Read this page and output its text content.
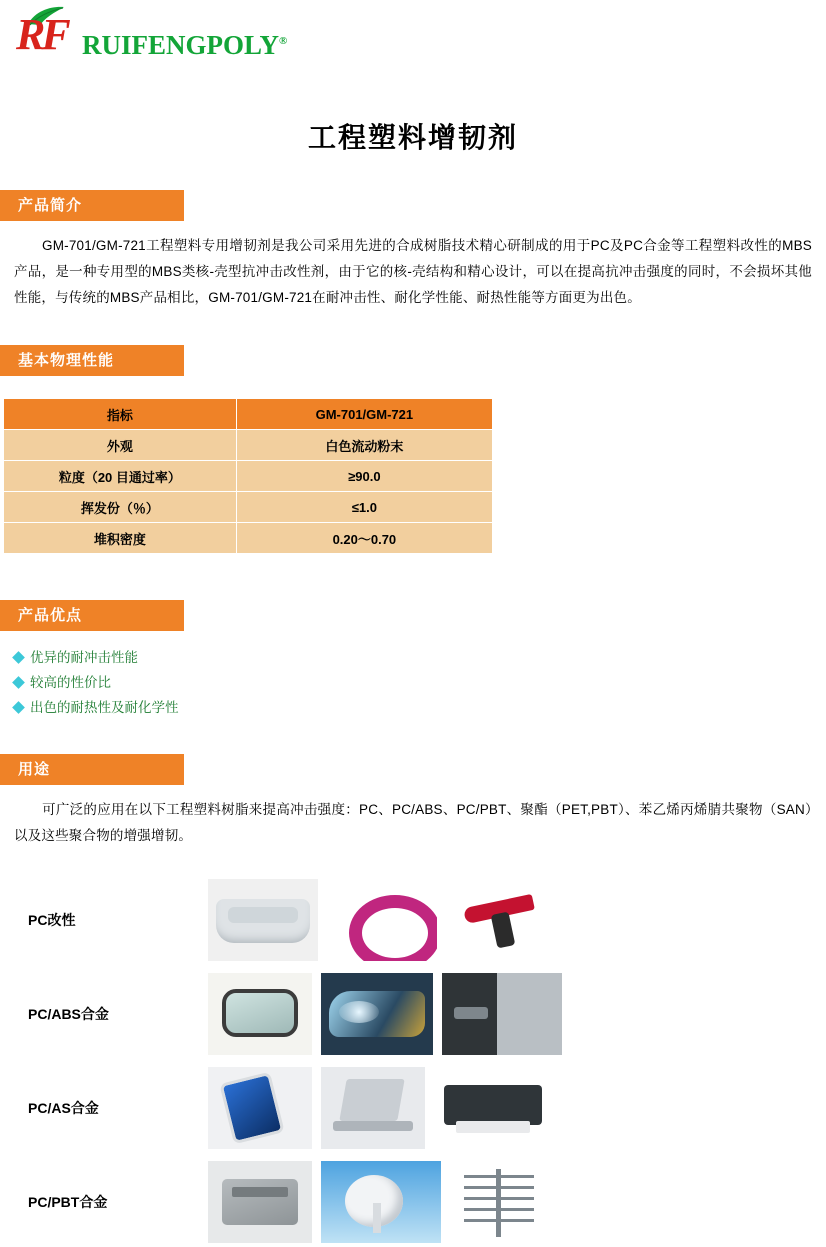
RF RUIFENGPOLY®
工程塑料增韧剂
产品简介

GM-701/GM-721工程塑料专用增韧剂是我公司采用先进的合成树脂技术精心研制成的用于PC及PC合金等工程塑料改性的MBS产品，是一种专用型的MBS类核-壳型抗冲击改性剂，由于它的核-壳结构和精心设计，可以在提高抗冲击强度的同时，不会损坏其他性能，与传统的MBS产品相比，GM-701/GM-721在耐冲击性、耐化学性能、耐热性能等方面更为出色。

基本物理性能
指标	GM-701/GM-721
外观	白色流动粉末
粒度（20 目通过率）	≥90.0
挥发份（％）	≤1.0
堆积密度	0.20～0.70
产品优点
优异的耐冲击性能
较高的性价比
出色的耐热性及耐化学性
用途

可广泛的应用在以下工程塑料树脂来提高冲击强度：PC、PC/ABS、PC/PBT、聚酯（PET,PBT）、苯乙烯丙烯腈共聚物（SAN）以及这些聚合物的增强增韧。

PC改性
PC/ABS合金
PC/AS合金
PC/PBT合金
